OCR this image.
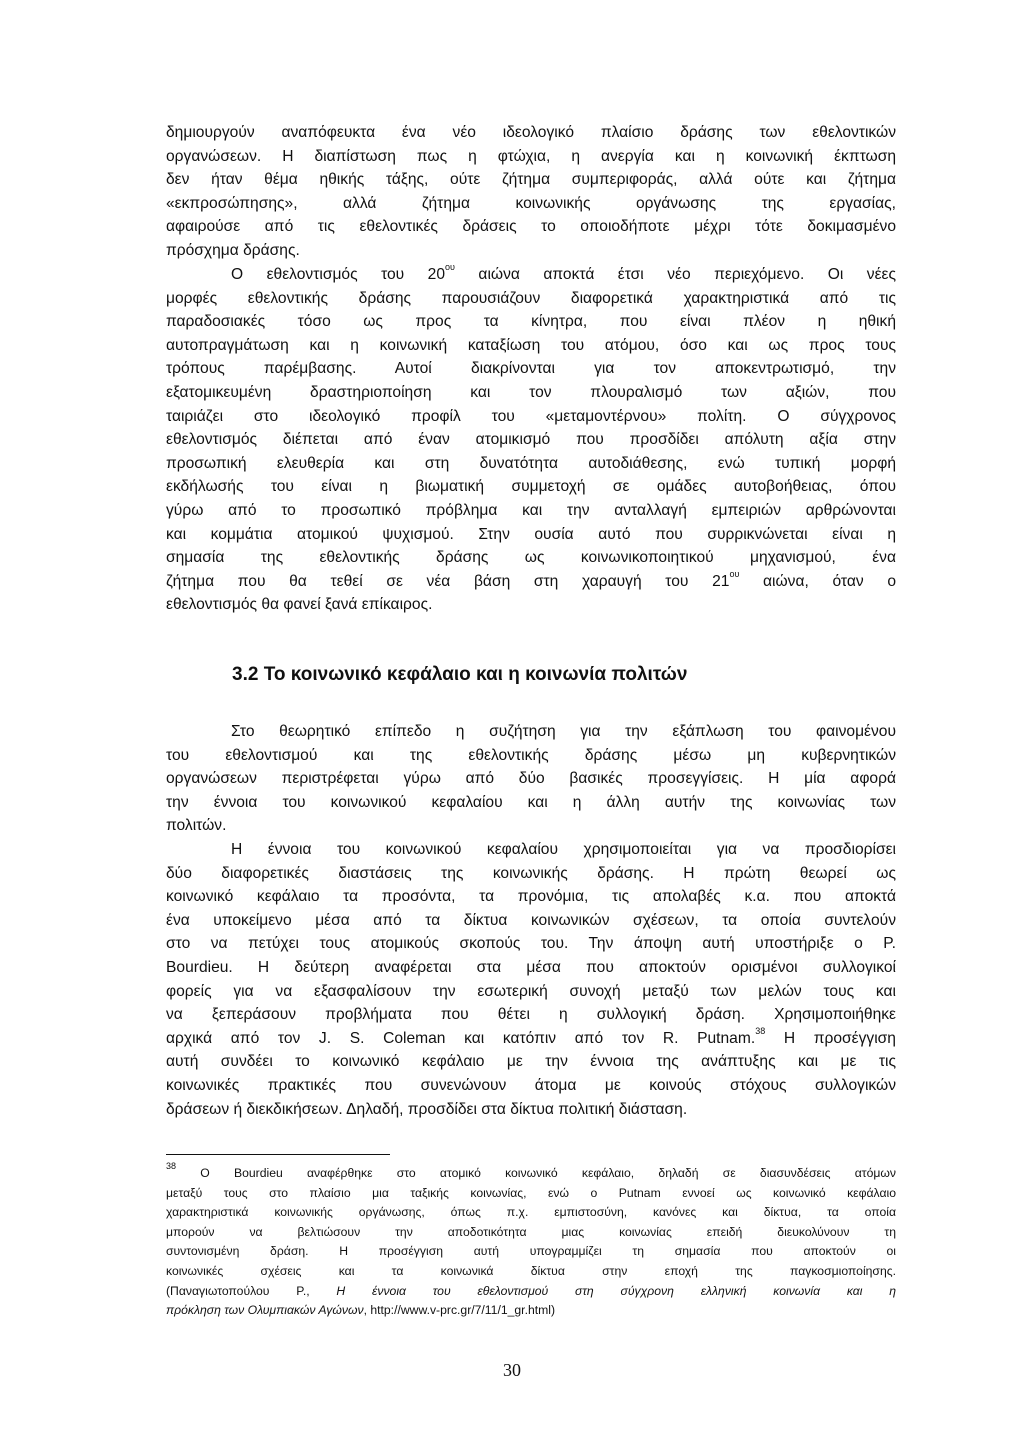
δημιουργούν αναπόφευκτα ένα νέο ιδεολογικό πλαίσιο δράσης των εθελοντικών
οργανώσεων. Η διαπίστωση πως η φτώχια, η ανεργία και η κοινωνική έκπτωση
δεν ήταν θέμα ηθικής τάξης, ούτε ζήτημα συμπεριφοράς, αλλά ούτε και ζήτημα
«εκπροσώπησης», αλλά ζήτημα κοινωνικής οργάνωσης της εργασίας,
αφαιρούσε από τις εθελοντικές δράσεις το οποιοδήποτε μέχρι τότε δοκιμασμένο
πρόσχημα δράσης.
Ο εθελοντισμός του $20^{o\upsilon}$ αιώνα αποκτά έτσι νέο περιεχόμενο. Οι νέες
μορφές εθελοντικής δράσης παρουσιάζουν διαφορετικά χαρακτηριστικά από τις
παραδοσιακές τόσο ως προς τα κίνητρα, που είναι πλέον η ηθική
αυτοπραγμάτωση και η κοινωνική καταξίωση του ατόμου, όσο και ως προς τους
τρόπους παρέμβασης. Αυτοί διακρίνονται για τον αποκεντρωτισμό, την
εξατομικευμένη δραστηριοποίηση και τον πλουραλισμό των αξιών, που
ταιριάζει στο ιδεολογικό προφίλ του «μεταμοντέρνου» πολίτη. Ο σύγχρονος
εθελοντισμός διέπεται από έναν ατομικισμό που προσδίδει απόλυτη αξία στην
προσωπική ελευθερία και στη δυνατότητα αυτοδιάθεσης, ενώ τυπική μορφή
εκδήλωσής του είναι η βιωματική συμμετοχή σε ομάδες αυτοβοήθειας, όπου
γύρω από το προσωπικό πρόβλημα και την ανταλλαγή εμπειριών αρθρώνονται
και κομμάτια ατομικού ψυχισμού. Στην ουσία αυτό που συρρικνώνεται είναι η
σημασία της εθελοντικής δράσης ως κοινωνικοποιητικού μηχανισμού, ένα
ζήτημα που θα τεθεί σε νέα βάση στη χαραυγή του $21^{o\upsilon}$ αιώνα, όταν ο
εθελοντισμός θα φανεί ξανά επίκαιρος.
3.2 Το κοινωνικό κεφάλαιο και η κοινωνία πολιτών
Στο θεωρητικό επίπεδο η συζήτηση για την εξάπλωση του φαινομένου
του εθελοντισμού και της εθελοντικής δράσης μέσω μη κυβερνητικών
οργανώσεων περιστρέφεται γύρω από δύο βασικές προσεγγίσεις. Η μία αφορά
την έννοια του κοινωνικού κεφαλαίου και η άλλη αυτήν της κοινωνίας των
πολιτών.
Η έννοια του κοινωνικού κεφαλαίου χρησιμοποιείται για να προσδιορίσει
δύο διαφορετικές διαστάσεις της κοινωνικής δράσης. Η πρώτη θεωρεί ως
κοινωνικό κεφάλαιο τα προσόντα, τα προνόμια, τις απολαβές κ.α. που αποκτά
ένα υποκείμενο μέσα από τα δίκτυα κοινωνικών σχέσεων, τα οποία συντελούν
στο να πετύχει τους ατομικούς σκοπούς του. Την άποψη αυτή υποστήριξε ο P.
Bourdieu. Η δεύτερη αναφέρεται στα μέσα που αποκτούν ορισμένοι συλλογικοί
φορείς για να εξασφαλίσουν την εσωτερική συνοχή μεταξύ των μελών τους και
να ξεπεράσουν προβλήματα που θέτει η συλλογική δράση. Χρησιμοποιήθηκε
αρχικά από τον J. S. Coleman και κατόπιν από τον R. Putnam.$^{38}$ Η προσέγγιση
αυτή συνδέει το κοινωνικό κεφάλαιο με την έννοια της ανάπτυξης και με τις
κοινωνικές πρακτικές που συνενώνουν άτομα με κοινούς στόχους συλλογικών
δράσεων ή διεκδικήσεων. Δηλαδή, προσδίδει στα δίκτυα πολιτική διάσταση.
$^{38}$ Ο Bourdieu αναφέρθηκε στο ατομικό κοινωνικό κεφάλαιο, δηλαδή σε διασυνδέσεις ατόμων
μεταξύ τους στο πλαίσιο μια ταξικής κοινωνίας, ενώ ο Putnam εννοεί ως κοινωνικό κεφάλαιο
χαρακτηριστικά κοινωνικής οργάνωσης, όπως π.χ. εμπιστοσύνη, κανόνες και δίκτυα, τα οποία
μπορούν να βελτιώσουν την αποδοτικότητα μιας κοινωνίας επειδή διευκολύνουν τη
συντονισμένη δράση. Η προσέγγιση αυτή υπογραμμίζει τη σημασία που αποκτούν οι
κοινωνικές σχέσεις και τα κοινωνικά δίκτυα στην εποχή της παγκοσμιοποίησης.
(Παναγιωτοπούλου Ρ., Η έννοια του εθελοντισμού στη σύγχρονη ελληνική κοινωνία και η
πρόκληση των Ολυμπιακών Αγώνων, http://www.v-prc.gr/7/11/1_gr.html)
30
